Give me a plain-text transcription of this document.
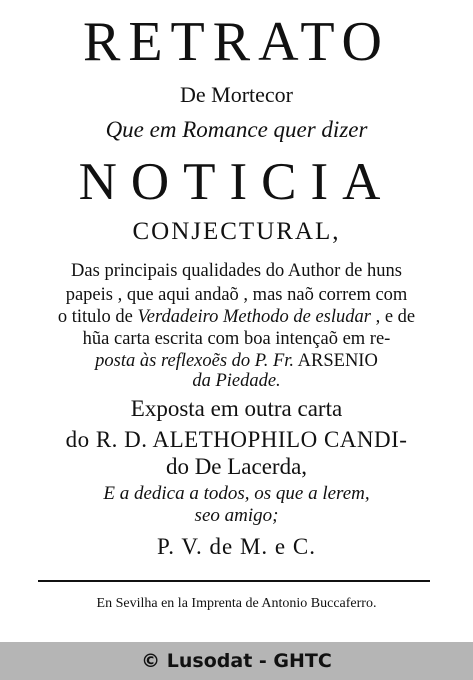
RETRATO
De Mortecor
Que em Romance quer dizer
NOTICIA
CONJECTURAL,
Das principais qualidades do Author de huns
papeis , que aqui andaõ , mas naõ correm com
o titulo de Verdadeiro Methodo de esludar , e de
hũa carta escrita com boa intençaõ em re-
posta às reflexoẽs do P. Fr. ARSENIO
da Piedade.
Exposta em outra carta
do R. D. ALETHOPHILO CANDI-
do De Lacerda,
E a dedica a todos, os que a lerem,
seo amigo;
P. V. de M. e C.
En Sevilha en la Imprenta de Antonio Buccaferro.
© Lusodat - GHTC
